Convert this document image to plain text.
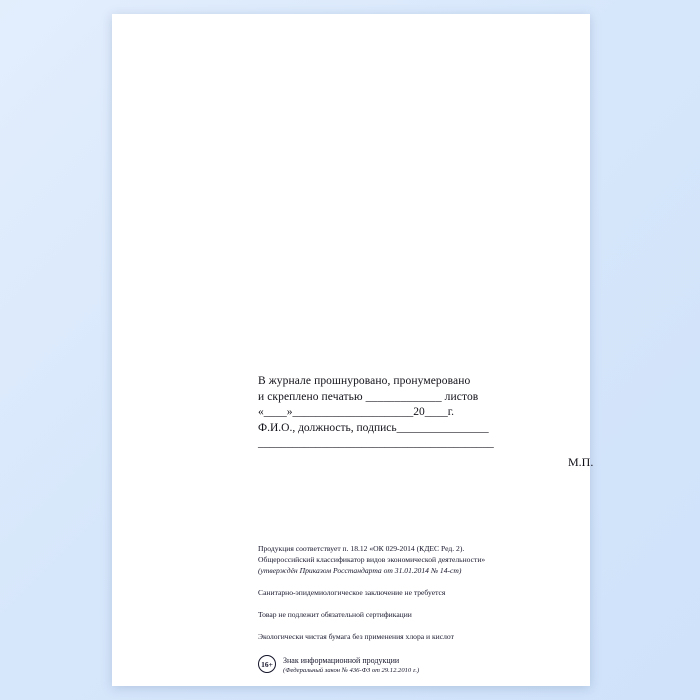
В журнале прошнуровано, пронумеровано
и скреплено печатью _____________ листов
«____»_____________________20____г.
Ф.И.О., должность, подпись________________
_________________________________________
М.П.
Продукция соответствует п. 18.12 «ОК 029-2014 (КДЕС Ред. 2).
Общероссийский классификатор видов экономической деятельности»
(утверждён Приказом Росстандарта от 31.01.2014 № 14-ст)
Санитарно-эпидемиологическое заключение не требуется
Товар не подлежит обязательной сертификации
Экологически чистая бумага без применения хлора и кислот
16+	Знак информационной продукции
(Федеральный закон № 436-ФЗ от 29.12.2010 г.)
